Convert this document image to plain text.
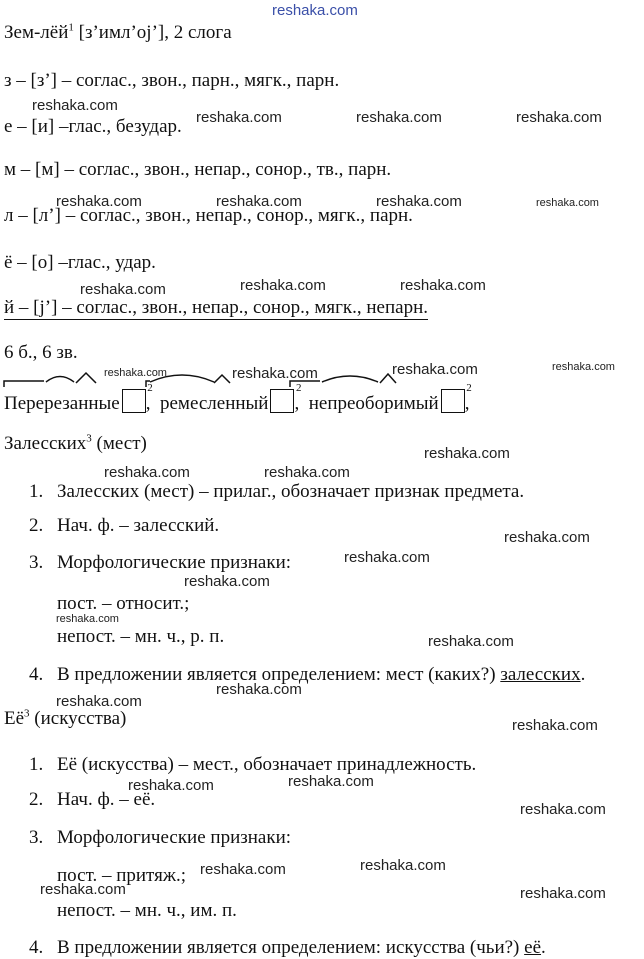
Зем-лёй$^1$ [з’имл’oj’], 2 слога
з – [з’] – соглас., звон., парн., мягк., парн.
е – [и] –глас., безудар.
м – [м] – соглас., звон., непар., сонор., тв., парн.
л – [л’] – соглас., звон., непар., сонор., мягк., парн.
ё – [о] –глас., удар.
й – [j’] – соглас., звон., непар., сонор., мягк., непарн.
6 б., 6 зв.
Перерезанные
2
,  ремесленный
2
,  непреоборимый
2
,
Залесских$^3$ (мест)
1. Залесских (мест) – прилаг., обозначает признак предмета.
2. Нач. ф. – залесский.
3. Морфологические признаки:
пост. – относит.;
непост. – мн. ч., р. п.
4. В предложении является определением: мест (каких?) залесских.
$Её^3$ (искусства)
1. Её (искусства) – мест., обозначает принадлежность.
2. Нач. ф. – её.
3. Морфологические признаки:
пост. – притяж.;
непост. – мн. ч., им. п.
4. В предложении является определением: искусства (чьи?) её.
reshaka.com
reshaka.com
reshaka.com	reshaka.com	reshaka.com
reshaka.com	reshaka.com	reshaka.com	reshaka.com
reshaka.com	reshaka.com
reshaka.com
reshaka.com	reshaka.com	reshaka.com	reshaka.com
reshaka.com
reshaka.com	reshaka.com
reshaka.com
reshaka.com
reshaka.com
reshaka.com
reshaka.com
reshaka.com
reshaka.com
reshaka.com
reshaka.com
reshaka.com
reshaka.com
reshaka.com
reshaka.com
reshaka.com	reshaka.com
